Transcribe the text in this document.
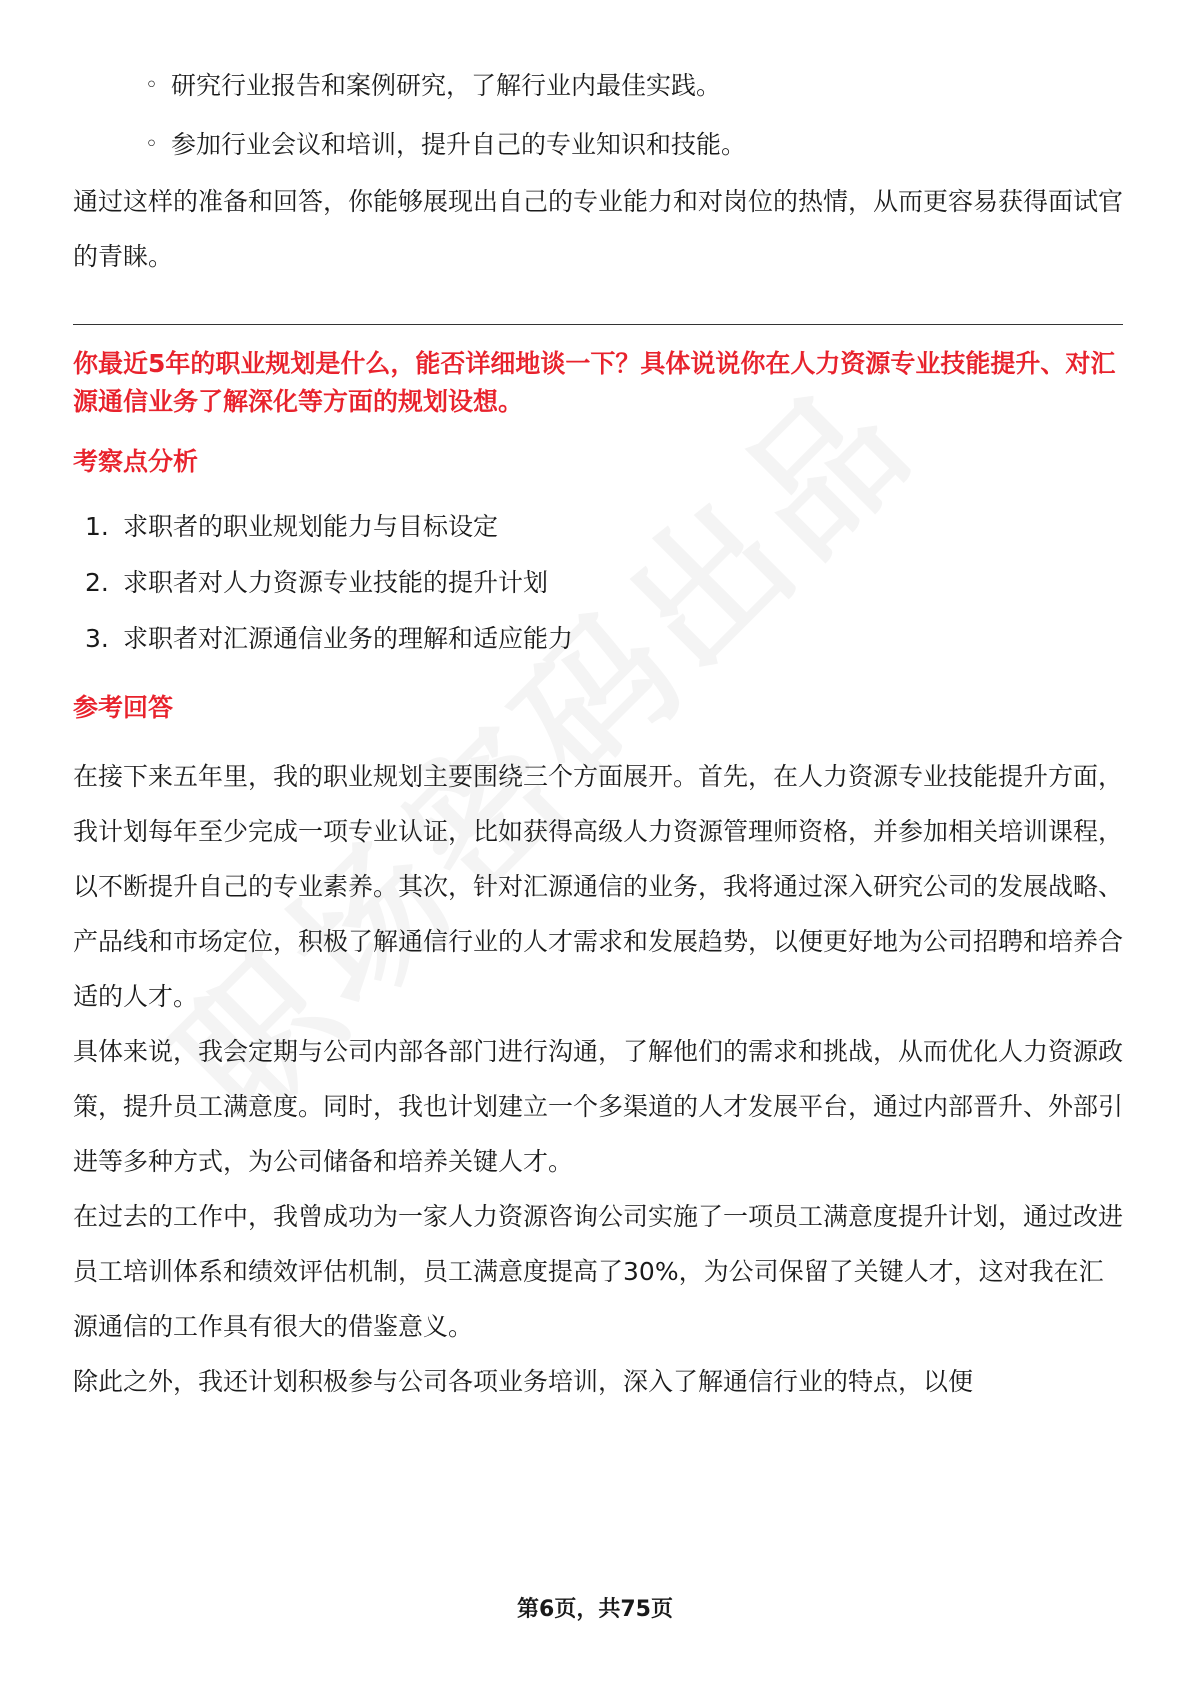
◦ 研究行业报告和案例研究，了解行业内最佳实践。
◦ 参加行业会议和培训，提升自己的专业知识和技能。

通过这样的准备和回答，你能够展现出自己的专业能力和对岗位的热情，从而更容易获得面试官的青睐。

你最近5年的职业规划是什么，能否详细地谈一下？具体说说你在人力资源专业技能提升、对汇源通信业务了解深化等方面的规划设想。

考察点分析
1. 求职者的职业规划能力与目标设定
2. 求职者对人力资源专业技能的提升计划
3. 求职者对汇源通信业务的理解和适应能力
参考回答

在接下来五年里，我的职业规划主要围绕三个方面展开。首先，在人力资源专业技能提升方面，我计划每年至少完成一项专业认证，比如获得高级人力资源管理师资格，并参加相关培训课程，以不断提升自己的专业素养。其次，针对汇源通信的业务，我将通过深入研究公司的发展战略、产品线和市场定位，积极了解通信行业的人才需求和发展趋势，以便更好地为公司招聘和培养合适的人才。

具体来说，我会定期与公司内部各部门进行沟通，了解他们的需求和挑战，从而优化人力资源政策，提升员工满意度。同时，我也计划建立一个多渠道的人才发展平台，通过内部晋升、外部引进等多种方式，为公司储备和培养关键人才。

在过去的工作中，我曾成功为一家人力资源咨询公司实施了一项员工满意度提升计划，通过改进员工培训体系和绩效评估机制，员工满意度提高了30%，为公司保留了关键人才，这对我在汇源通信的工作具有很大的借鉴意义。

除此之外，我还计划积极参与公司各项业务培训，深入了解通信行业的特点，以便

第6页，共75页
